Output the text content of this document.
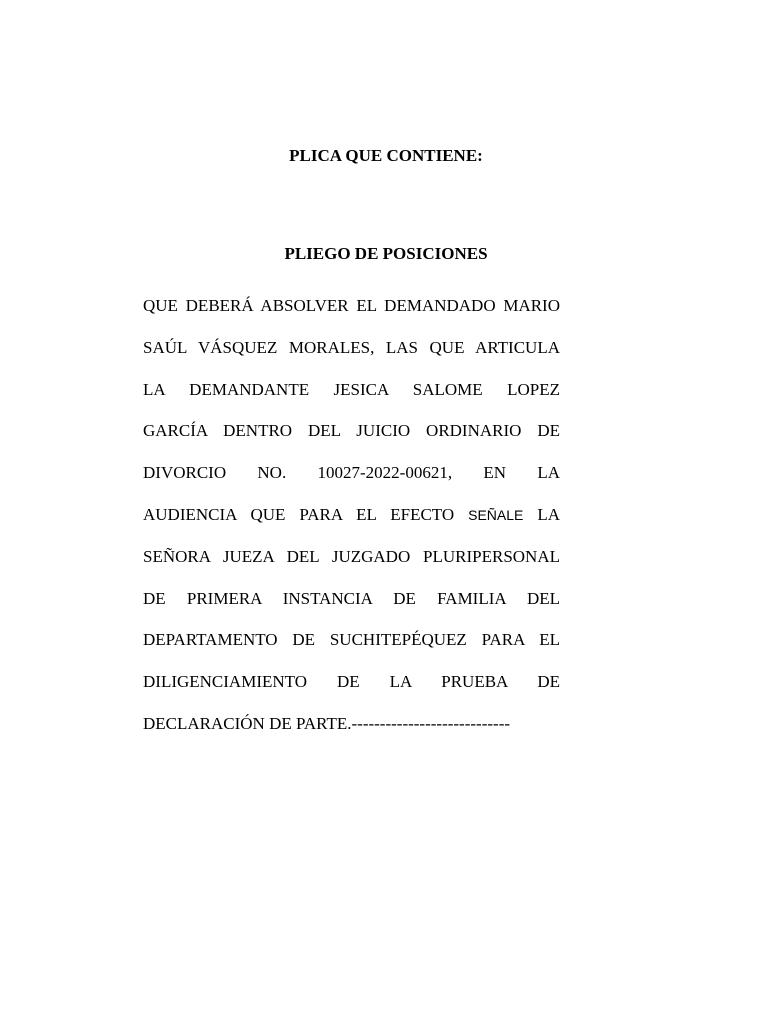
PLICA QUE CONTIENE:
PLIEGO DE POSICIONES
QUE DEBERÁ ABSOLVER EL DEMANDADO MARIO
SAÚL VÁSQUEZ MORALES, LAS QUE ARTICULA
LA DEMANDANTE JESICA SALOME LOPEZ
GARCÍA DENTRO DEL JUICIO ORDINARIO DE
DIVORCIO NO. 10027-2022-00621, EN LA
AUDIENCIA QUE PARA EL EFECTO SEÑALE LA
SEÑORA JUEZA DEL JUZGADO PLURIPERSONAL
DE PRIMERA INSTANCIA DE FAMILIA DEL
DEPARTAMENTO DE SUCHITEPÉQUEZ PARA EL
DILIGENCIAMIENTO DE LA PRUEBA DE
DECLARACIÓN DE PARTE.----------------------------
